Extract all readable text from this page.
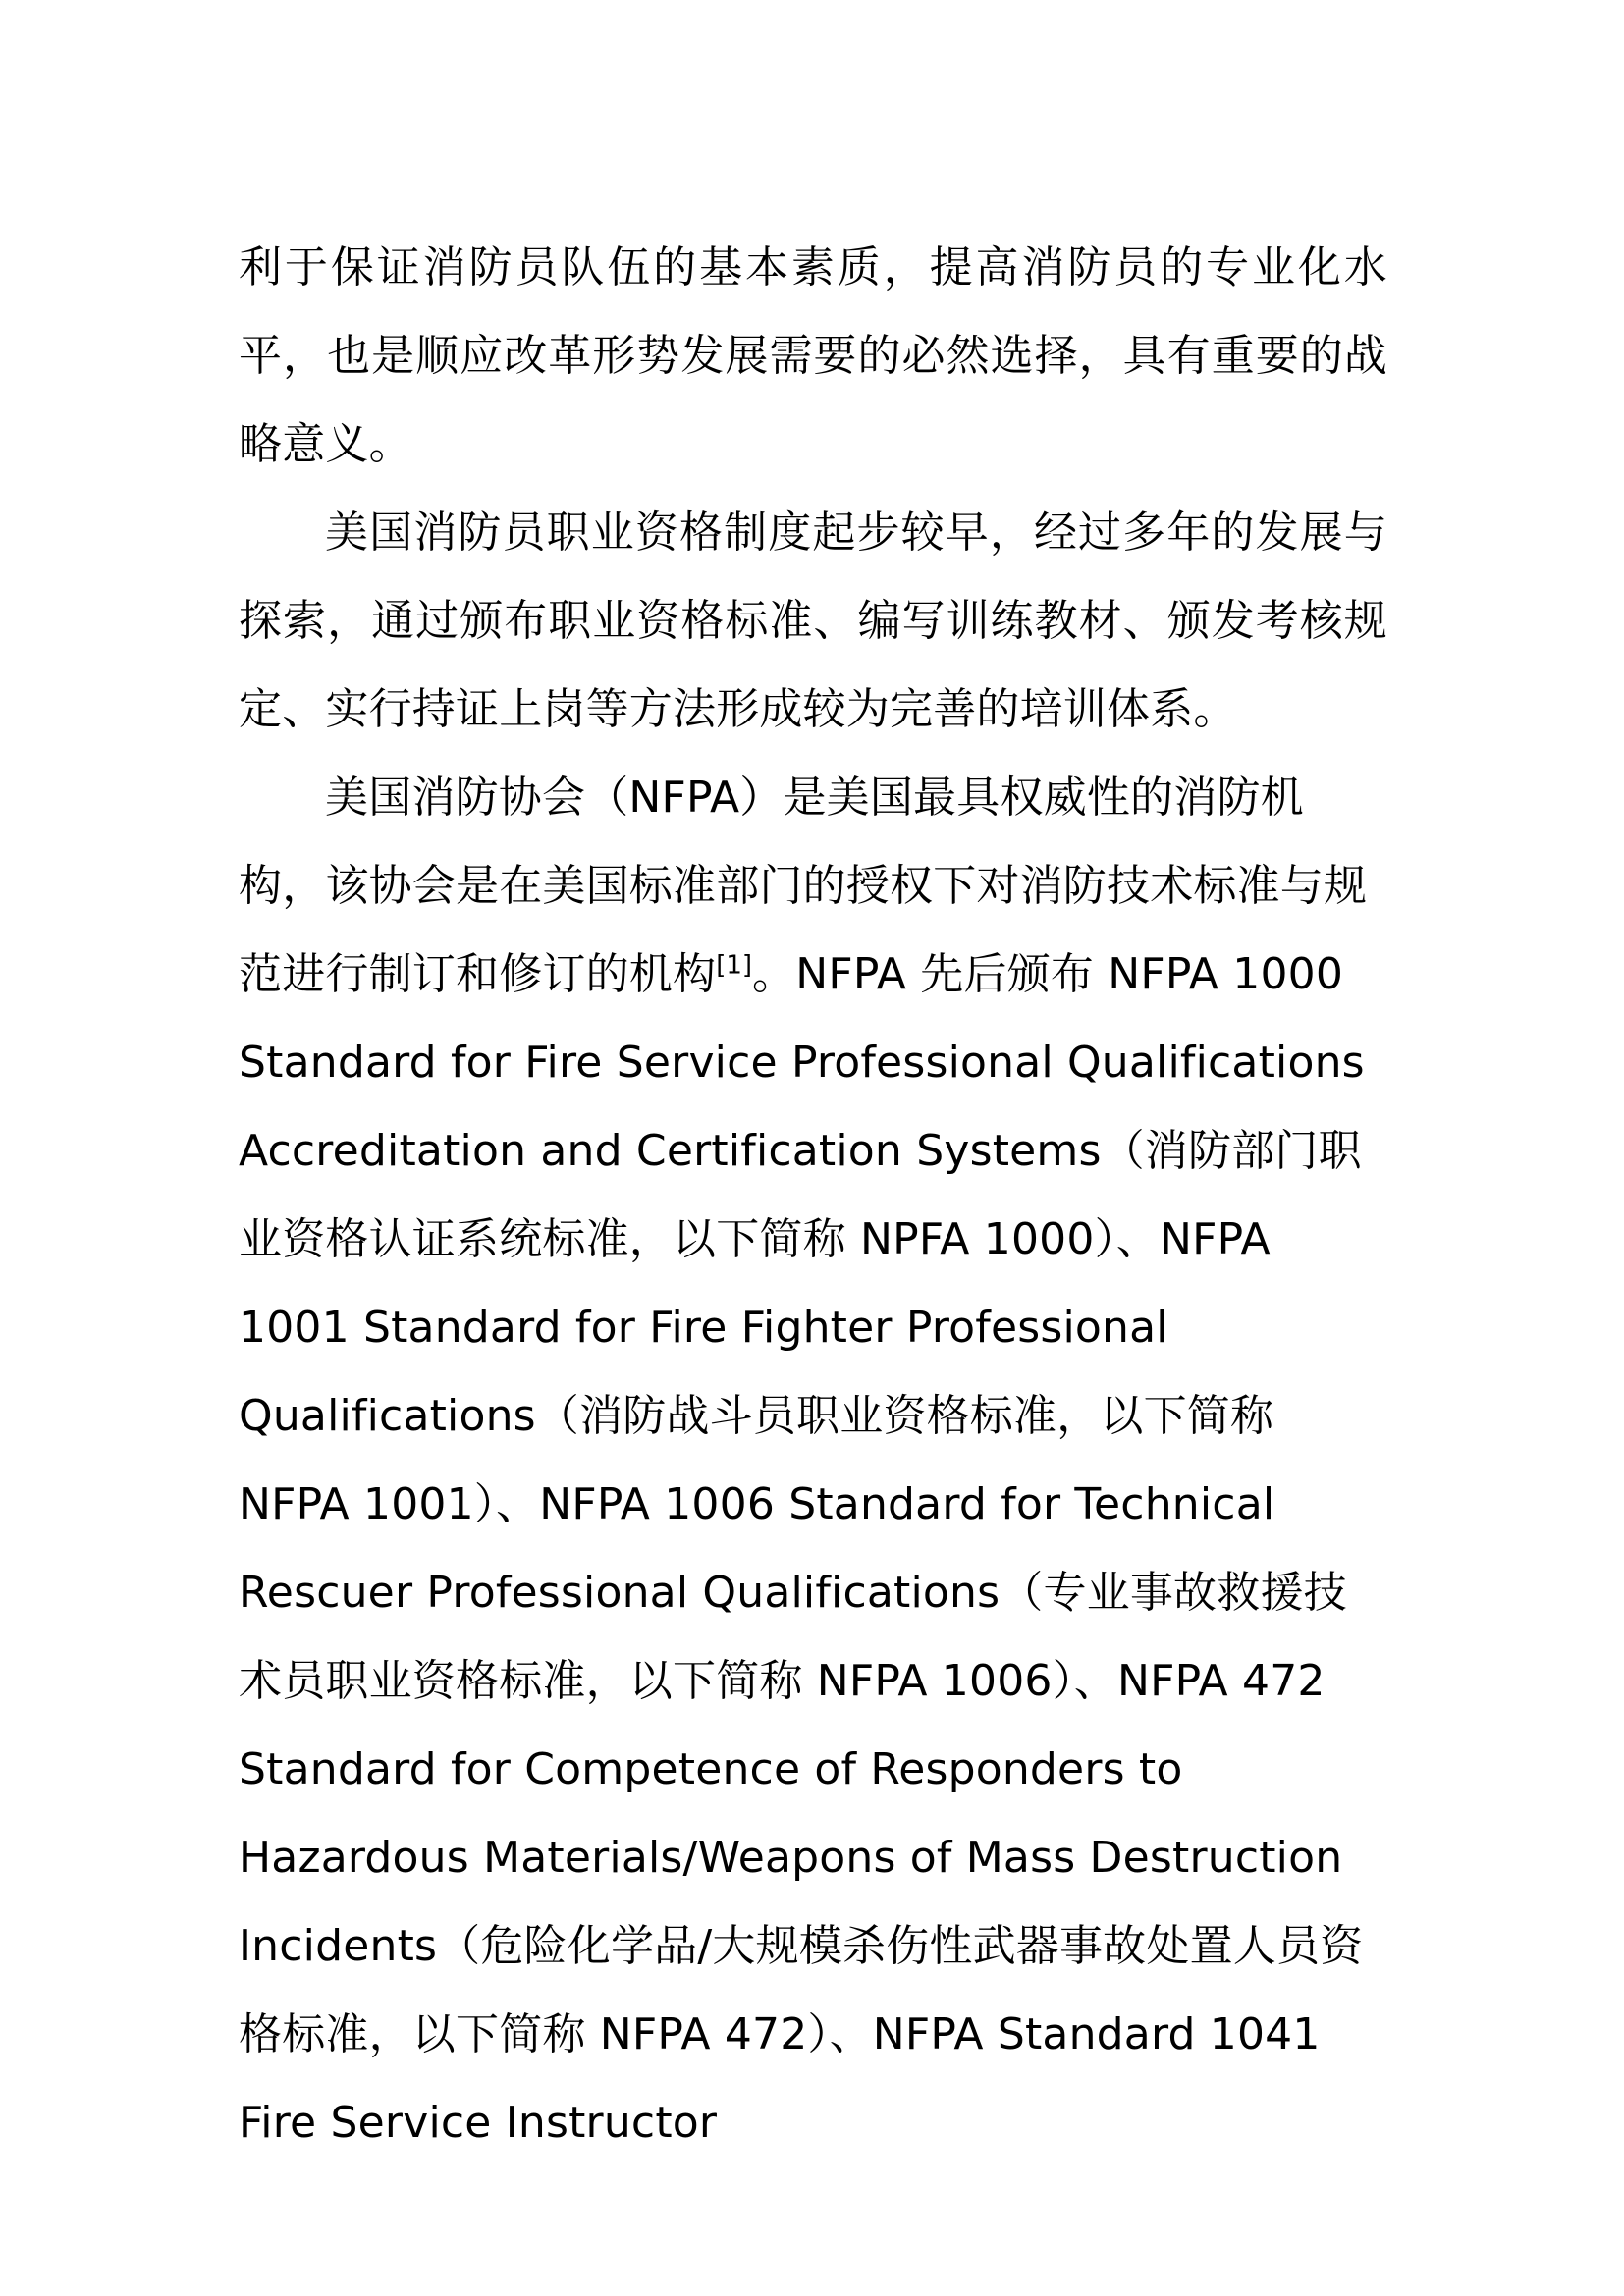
利于保证消防员队伍的基本素质，提高消防员的专业化水平，也是顺应改革形势发展需要的必然选择，具有重要的战略意义。

美国消防员职业资格制度起步较早，经过多年的发展与探索，通过颁布职业资格标准、编写训练教材、颁发考核规定、实行持证上岗等方法形成较为完善的培训体系。

美国消防协会（NFPA）是美国最具权威性的消防机构，该协会是在美国标准部门的授权下对消防技术标准与规范进行制订和修订的机构[1]。NFPA 先后颁布 NFPA 1000 Standard for Fire Service Professional Qualifications Accreditation and Certification Systems（消防部门职业资格认证系统标准，以下简称 NPFA 1000）、NFPA 1001 Standard for Fire Fighter Professional Qualifications（消防战斗员职业资格标准，以下简称 NFPA 1001）、NFPA 1006 Standard for Technical Rescuer Professional Qualifications（专业事故救援技术员职业资格标准，以下简称 NFPA 1006）、NFPA 472 Standard for Competence of Responders to Hazardous Materials/Weapons of Mass Destruction Incidents（危险化学品/大规模杀伤性武器事故处置人员资格标准，以下简称 NFPA 472）、NFPA Standard 1041 Fire Service Instructor
